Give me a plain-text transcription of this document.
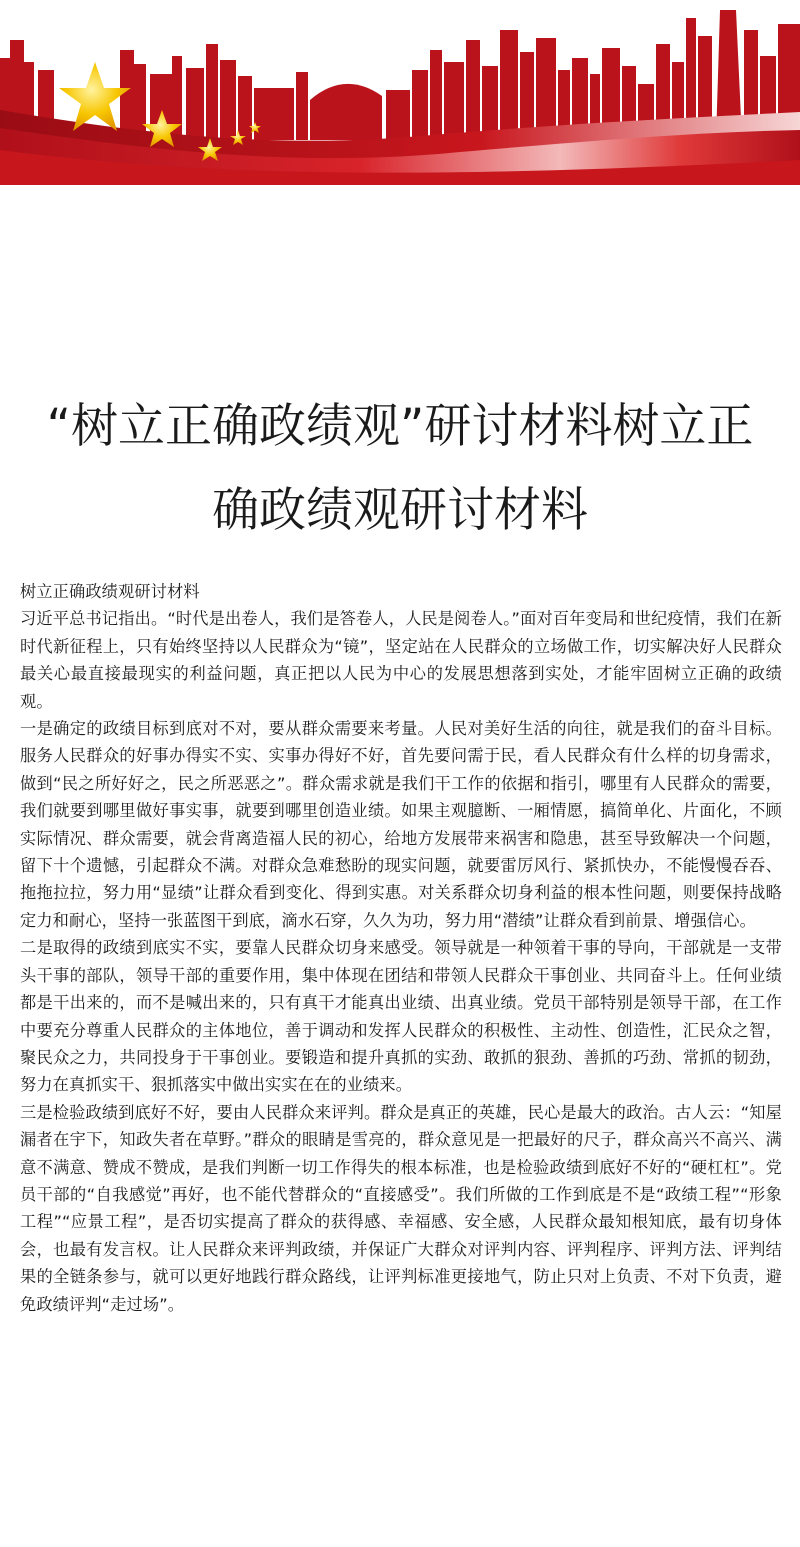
“树立正确政绩观”研讨材料树立正
确政绩观研讨材料

树立正确政绩观研讨材料

习近平总书记指出。“时代是出卷人，我们是答卷人，人民是阅卷人。”面对百年变局和世纪疫情，我们在新时代新征程上，只有始终坚持以人民群众为“镜”，坚定站在人民群众的立场做工作，切实解决好人民群众最关心最直接最现实的利益问题，真正把以人民为中心的发展思想落到实处，才能牢固树立正确的政绩观。

一是确定的政绩目标到底对不对，要从群众需要来考量。人民对美好生活的向往，就是我们的奋斗目标。服务人民群众的好事办得实不实、实事办得好不好，首先要问需于民，看人民群众有什么样的切身需求，做到“民之所好好之，民之所恶恶之”。群众需求就是我们干工作的依据和指引，哪里有人民群众的需要，我们就要到哪里做好事实事，就要到哪里创造业绩。如果主观臆断、一厢情愿，搞简单化、片面化，不顾实际情况、群众需要，就会背离造福人民的初心，给地方发展带来祸害和隐患，甚至导致解决一个问题，留下十个遗憾，引起群众不满。对群众急难愁盼的现实问题，就要雷厉风行、紧抓快办，不能慢慢吞吞、拖拖拉拉，努力用“显绩”让群众看到变化、得到实惠。对关系群众切身利益的根本性问题，则要保持战略定力和耐心，坚持一张蓝图干到底，滴水石穿，久久为功，努力用“潜绩”让群众看到前景、增强信心。

二是取得的政绩到底实不实，要靠人民群众切身来感受。领导就是一种领着干事的导向，干部就是一支带头干事的部队，领导干部的重要作用，集中体现在团结和带领人民群众干事创业、共同奋斗上。任何业绩都是干出来的，而不是喊出来的，只有真干才能真出业绩、出真业绩。党员干部特别是领导干部，在工作中要充分尊重人民群众的主体地位，善于调动和发挥人民群众的积极性、主动性、创造性，汇民众之智，聚民众之力，共同投身于干事创业。要锻造和提升真抓的实劲、敢抓的狠劲、善抓的巧劲、常抓的韧劲，努力在真抓实干、狠抓落实中做出实实在在的业绩来。

三是检验政绩到底好不好，要由人民群众来评判。群众是真正的英雄，民心是最大的政治。古人云：“知屋漏者在宇下，知政失者在草野。”群众的眼睛是雪亮的，群众意见是一把最好的尺子，群众高兴不高兴、满意不满意、赞成不赞成，是我们判断一切工作得失的根本标准，也是检验政绩到底好不好的“硬杠杠”。党员干部的“自我感觉”再好，也不能代替群众的“直接感受”。我们所做的工作到底是不是“政绩工程”“形象工程”“应景工程”，是否切实提高了群众的获得感、幸福感、安全感，人民群众最知根知底，最有切身体会，也最有发言权。让人民群众来评判政绩，并保证广大群众对评判内容、评判程序、评判方法、评判结果的全链条参与，就可以更好地践行群众路线，让评判标准更接地气，防止只对上负责、不对下负责，避免政绩评判“走过场”。
